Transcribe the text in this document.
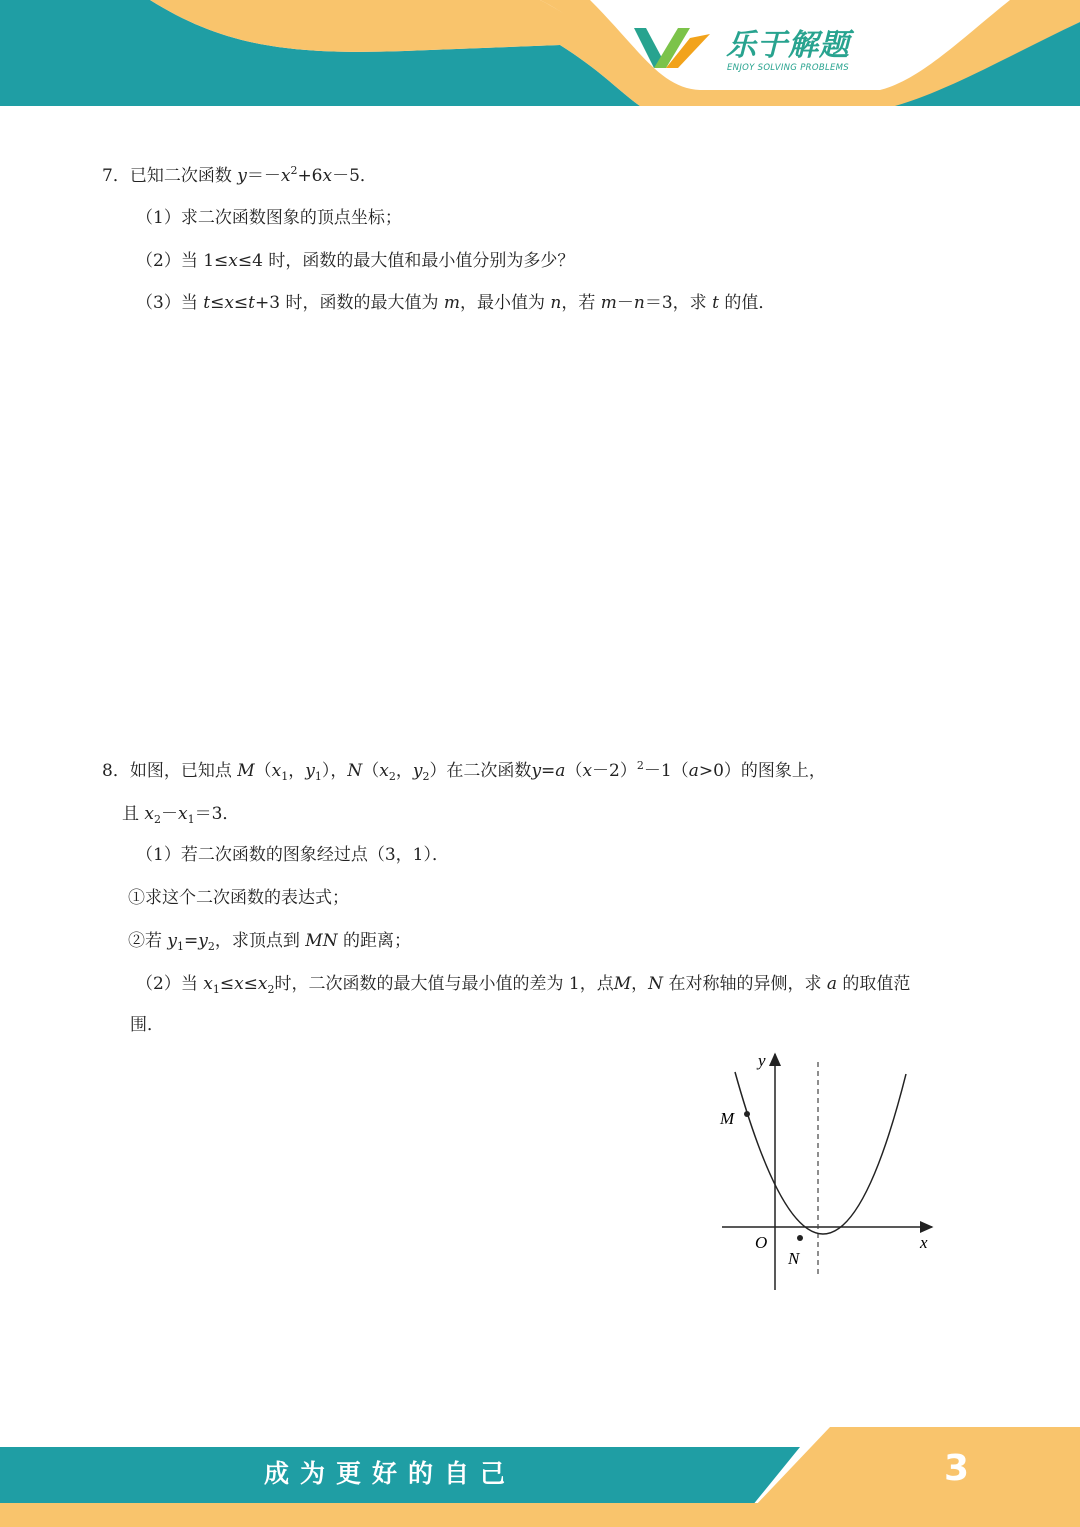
乐于解题
ENJOY SOLVING PROBLEMS
7．已知二次函数 $y=-x^2+6x-5$．
（1）求二次函数图象的顶点坐标；
（2）当 1≤x≤4 时，函数的最大值和最小值分别为多少？
（3）当 t≤x≤t+3 时，函数的最大值为 m，最小值为 n，若 m－n＝3，求 t 的值．
8．如图，已知点 $M(x_1$，$y_1$），$N(x_2$，$y_2$）在二次函数$y=a(x-2)^2-1(a>0)$的图象上，
且 $x_2-x_1=3$．
（1）若二次函数的图象经过点（3，1）．
①求这个二次函数的表达式；
②若 $y_1=y_2$，求顶点到 MN 的距离；
（2）当 $x_1\le x\le x_2$时，二次函数的最大值与最小值的差为 1，点M，N 在对称轴的异侧，求 a 的取值范
围．
y
x
O
M
N
成为更好的自己	3
